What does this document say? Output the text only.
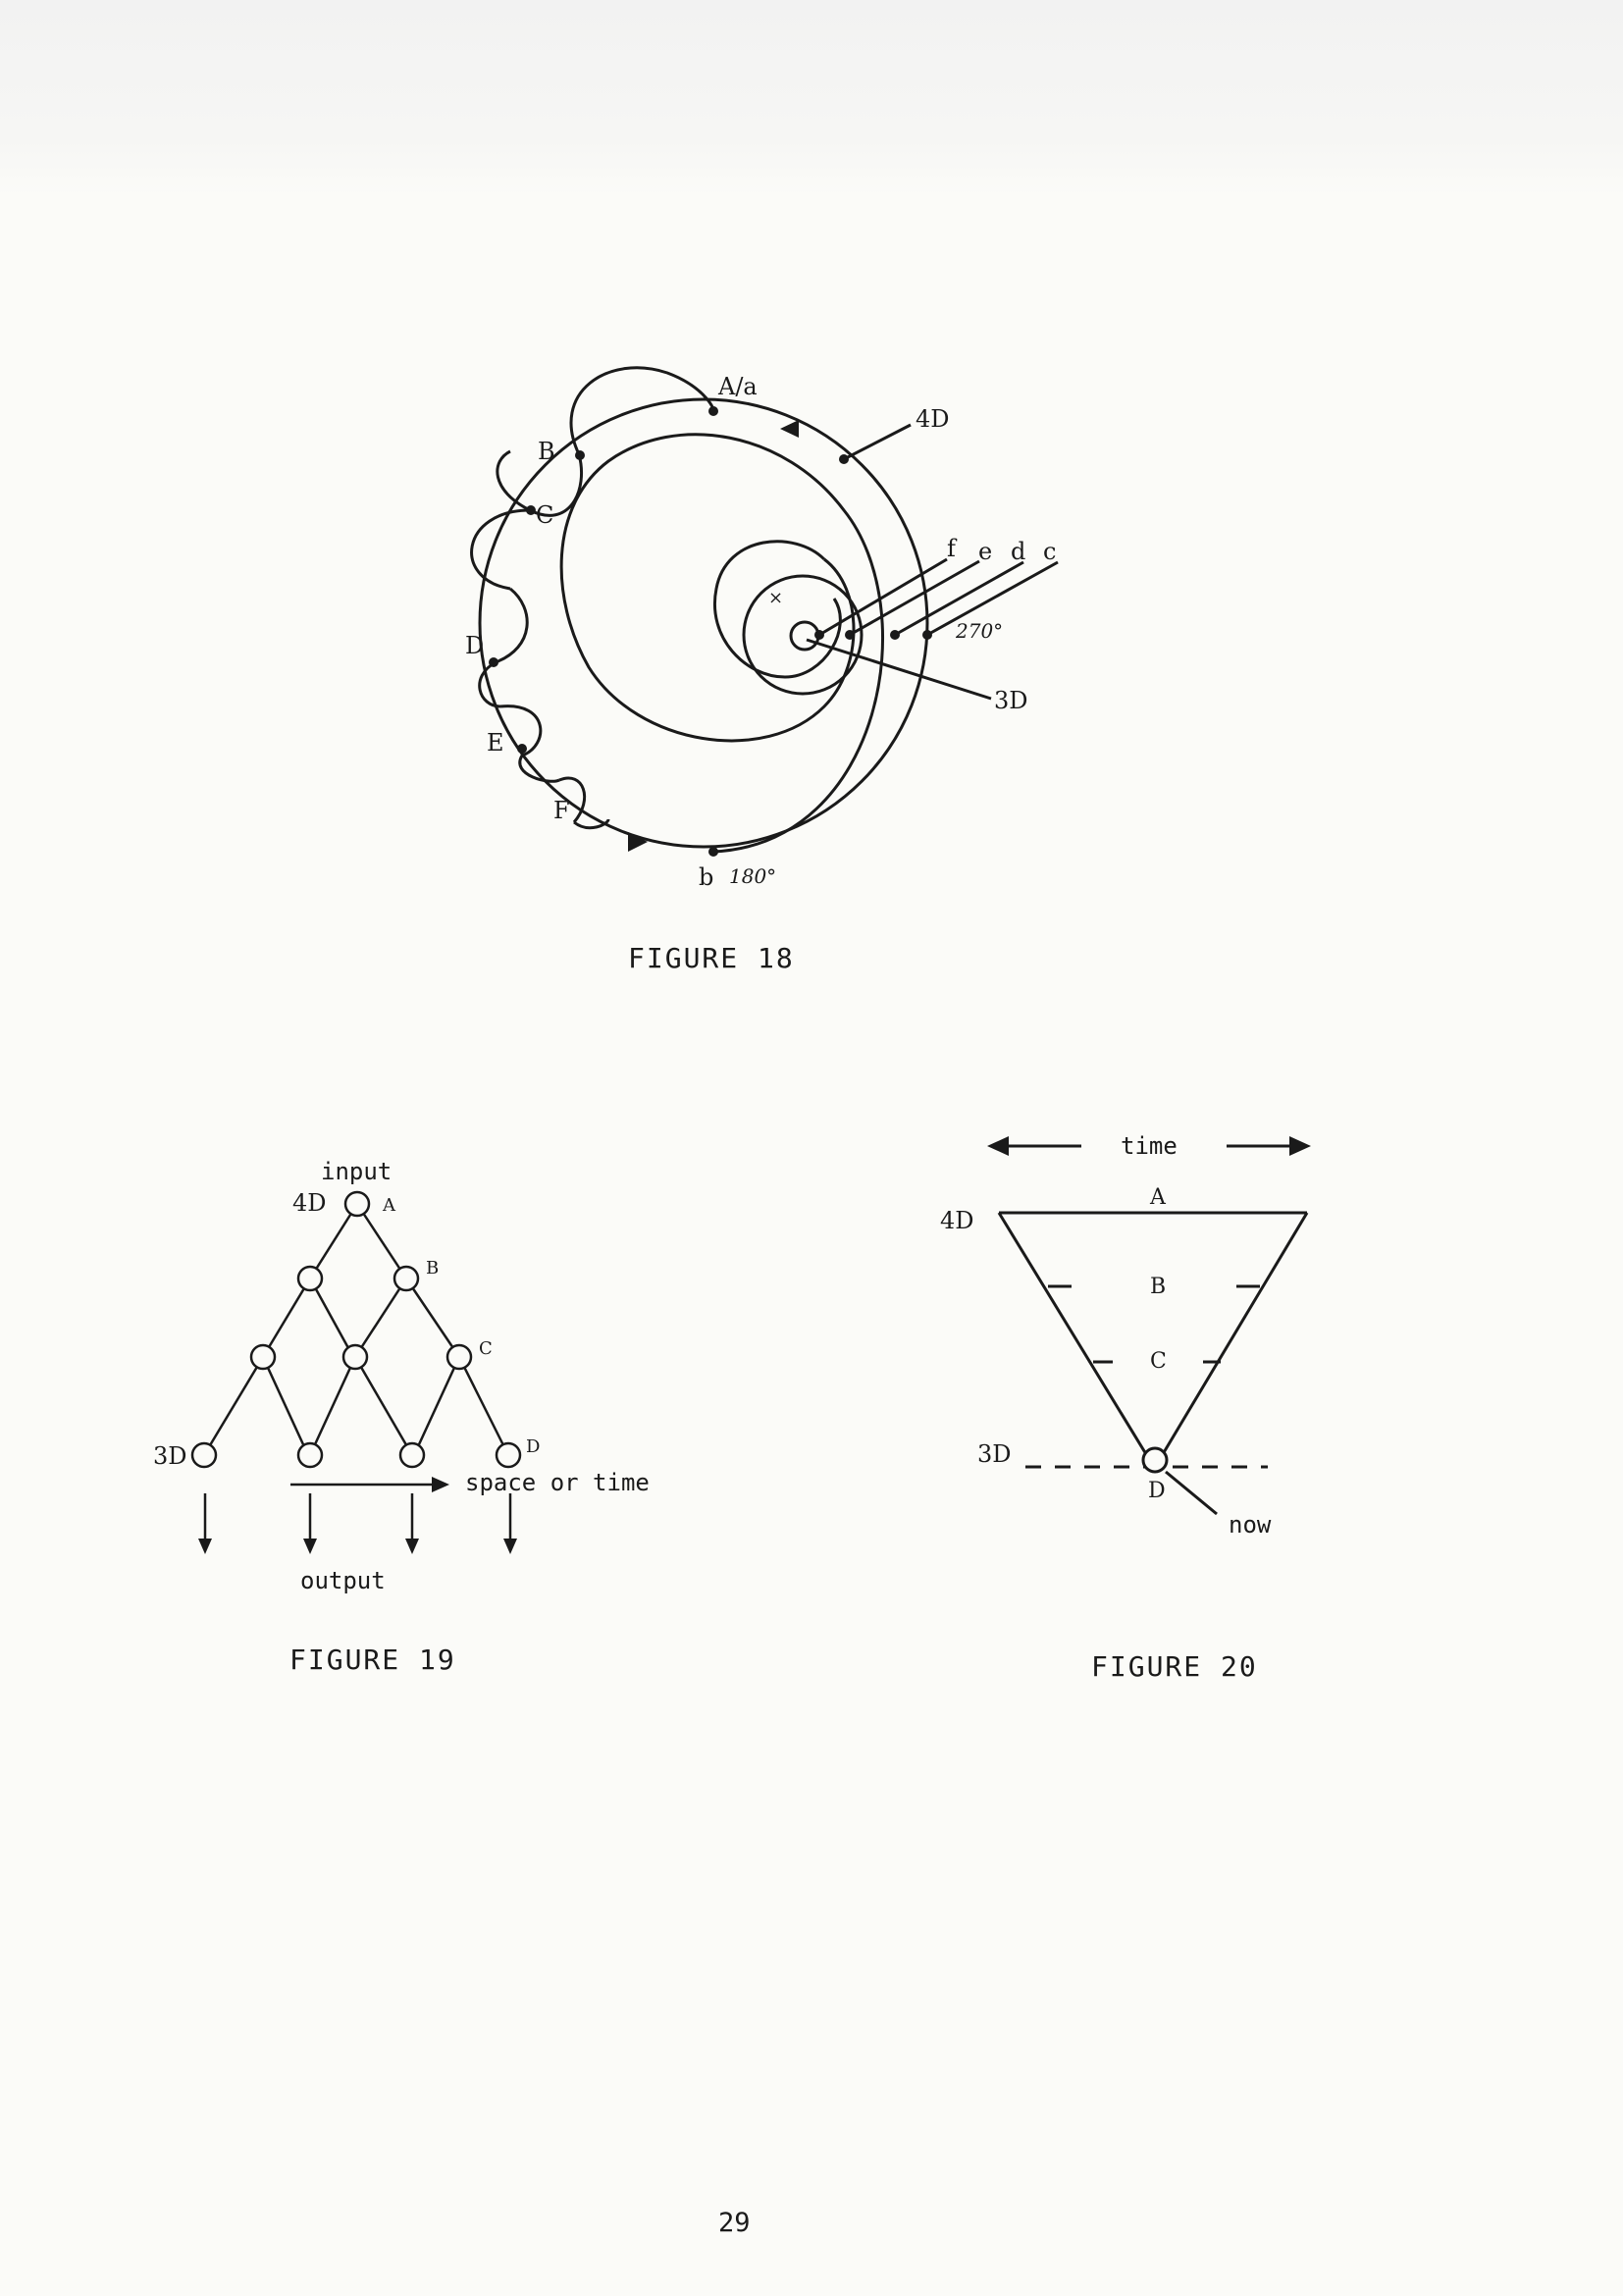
A/a
B
C
D
E
F
4D
f e d c
270°
3D
b 180°
×
FIGURE 18
input
4D	A
B
C
D
3D
space or time
output
FIGURE 19
time
A
B
C
D
4D
3D
now
FIGURE 20
29
